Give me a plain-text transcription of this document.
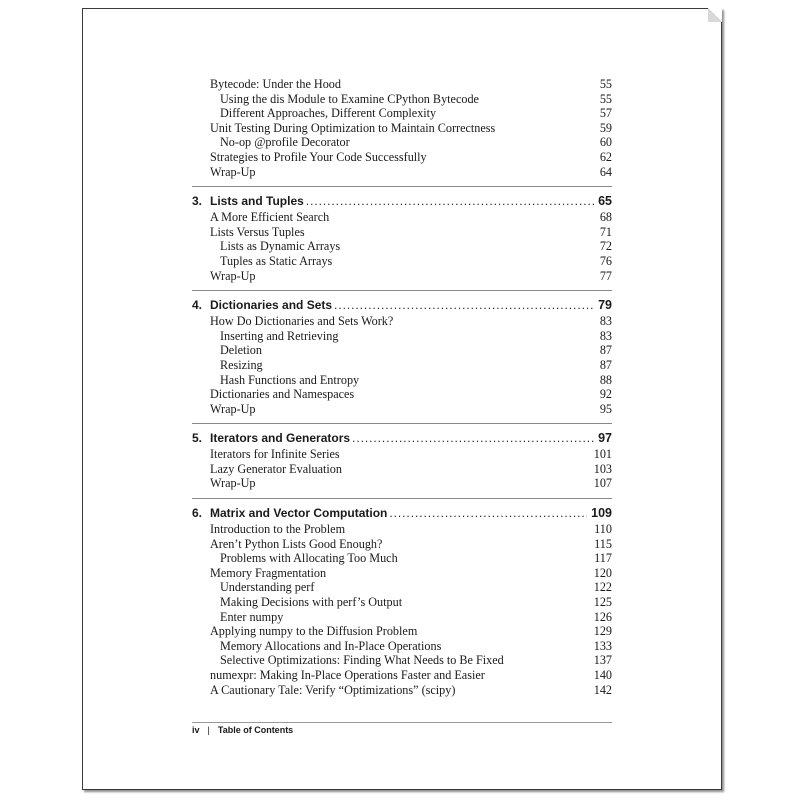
Bytecode: Under the Hood	55
Using the dis Module to Examine CPython Bytecode	55
Different Approaches, Different Complexity	57
Unit Testing During Optimization to Maintain Correctness	59
No-op @profile Decorator	60
Strategies to Profile Your Code Successfully	62
Wrap-Up	64
3. Lists and Tuples . . .	65
A More Efficient Search	68
Lists Versus Tuples	71
Lists as Dynamic Arrays	72
Tuples as Static Arrays	76
Wrap-Up	77
4. Dictionaries and Sets . . .	79
How Do Dictionaries and Sets Work?	83
Inserting and Retrieving	83
Deletion	87
Resizing	87
Hash Functions and Entropy	88
Dictionaries and Namespaces	92
Wrap-Up	95
5. Iterators and Generators . . .	97
Iterators for Infinite Series	101
Lazy Generator Evaluation	103
Wrap-Up	107
6. Matrix and Vector Computation . . .	109
Introduction to the Problem	110
Aren’t Python Lists Good Enough?	115
Problems with Allocating Too Much	117
Memory Fragmentation	120
Understanding perf	122
Making Decisions with perf’s Output	125
Enter numpy	126
Applying numpy to the Diffusion Problem	129
Memory Allocations and In-Place Operations	133
Selective Optimizations: Finding What Needs to Be Fixed	137
numexpr: Making In-Place Operations Faster and Easier	140
A Cautionary Tale: Verify “Optimizations” (scipy)	142
iv | Table of Contents
